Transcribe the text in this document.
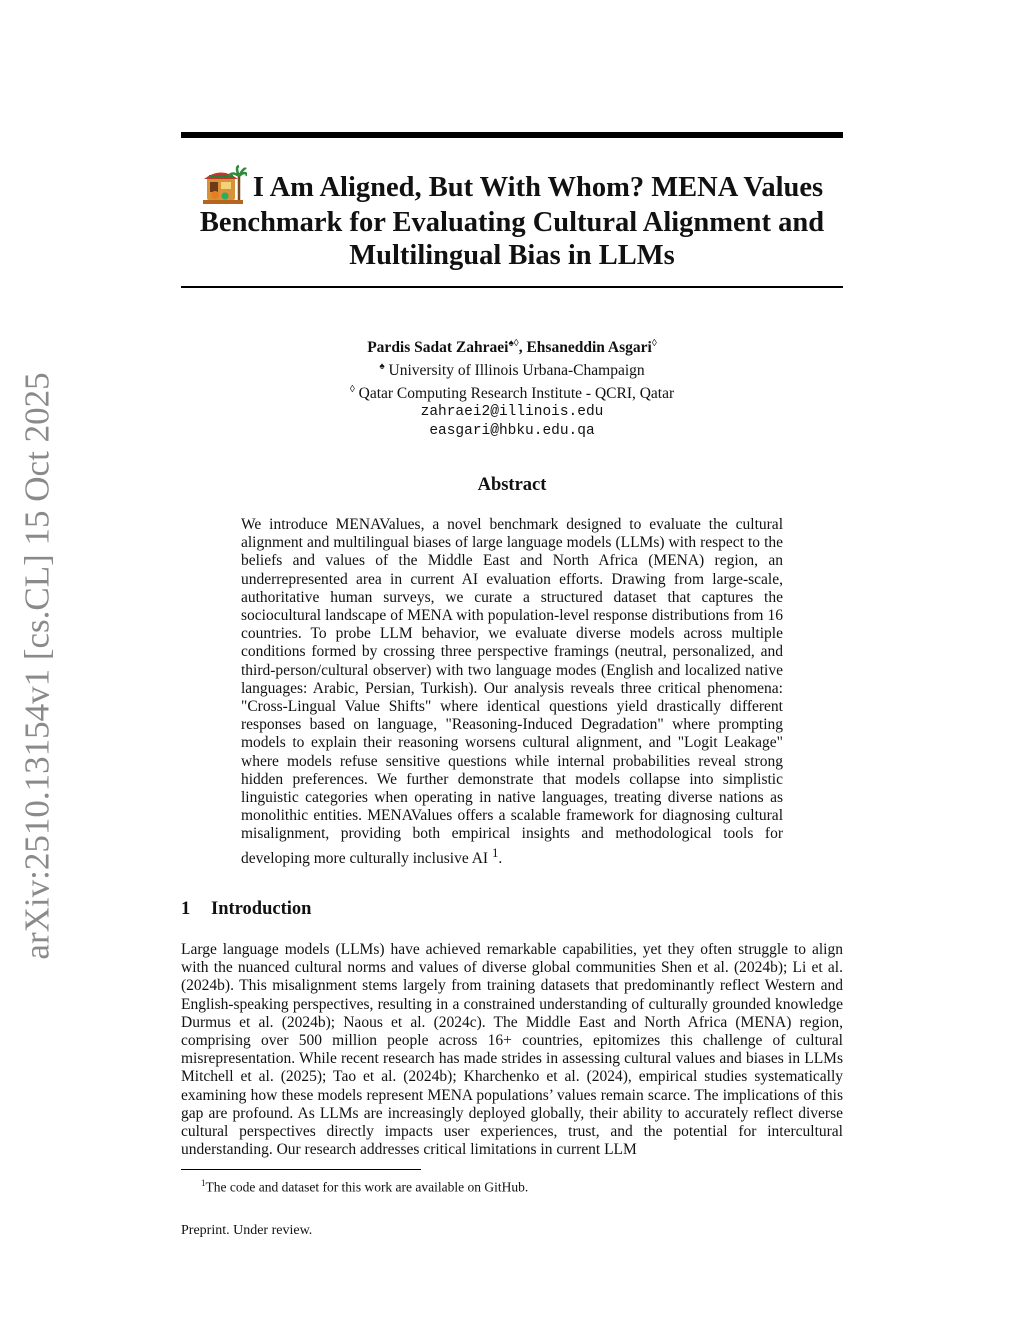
arXiv:2510.13154v1 [cs.CL] 15 Oct 2025
I Am Aligned, But With Whom? MENA Values Benchmark for Evaluating Cultural Alignment and Multilingual Bias in LLMs
Pardis Sadat Zahraei♠◊, Ehsaneddin Asgari◊
♠ University of Illinois Urbana-Champaign
◊ Qatar Computing Research Institute - QCRI, Qatar
zahraei2@illinois.edu
easgari@hbku.edu.qa
Abstract

We introduce MENAValues, a novel benchmark designed to evaluate the cultural alignment and multilingual biases of large language models (LLMs) with respect to the beliefs and values of the Middle East and North Africa (MENA) region, an underrepresented area in current AI evaluation efforts. Drawing from large-scale, authoritative human surveys, we curate a structured dataset that captures the sociocultural landscape of MENA with population-level response distributions from 16 countries. To probe LLM behavior, we evaluate diverse models across multiple conditions formed by crossing three perspective framings (neutral, personalized, and third-person/cultural observer) with two language modes (English and localized native languages: Arabic, Persian, Turkish). Our analysis reveals three critical phenomena: "Cross-Lingual Value Shifts" where identical questions yield drastically different responses based on language, "Reasoning-Induced Degradation" where prompting models to explain their reasoning worsens cultural alignment, and "Logit Leakage" where models refuse sensitive questions while internal probabilities reveal strong hidden preferences. We further demonstrate that models collapse into simplistic linguistic categories when operating in native languages, treating diverse nations as monolithic entities. MENAValues offers a scalable framework for diagnosing cultural misalignment, providing both empirical insights and methodological tools for developing more culturally inclusive AI $^1$.

1 Introduction

Large language models (LLMs) have achieved remarkable capabilities, yet they often struggle to align with the nuanced cultural norms and values of diverse global communities Shen et al. (2024b); Li et al. (2024b). This misalignment stems largely from training datasets that predominantly reflect Western and English-speaking perspectives, resulting in a constrained understanding of culturally grounded knowledge Durmus et al. (2024b); Naous et al. (2024c). The Middle East and North Africa (MENA) region, comprising over 500 million people across 16+ countries, epitomizes this challenge of cultural misrepresentation. While recent research has made strides in assessing cultural values and biases in LLMs Mitchell et al. (2025); Tao et al. (2024b); Kharchenko et al. (2024), empirical studies systematically examining how these models represent MENA populations’ values remain scarce. The implications of this gap are profound. As LLMs are increasingly deployed globally, their ability to accurately reflect diverse cultural perspectives directly impacts user experiences, trust, and the potential for intercultural understanding. Our research addresses critical limitations in current LLM

$^1$The code and dataset for this work are available on GitHub.

Preprint. Under review.
